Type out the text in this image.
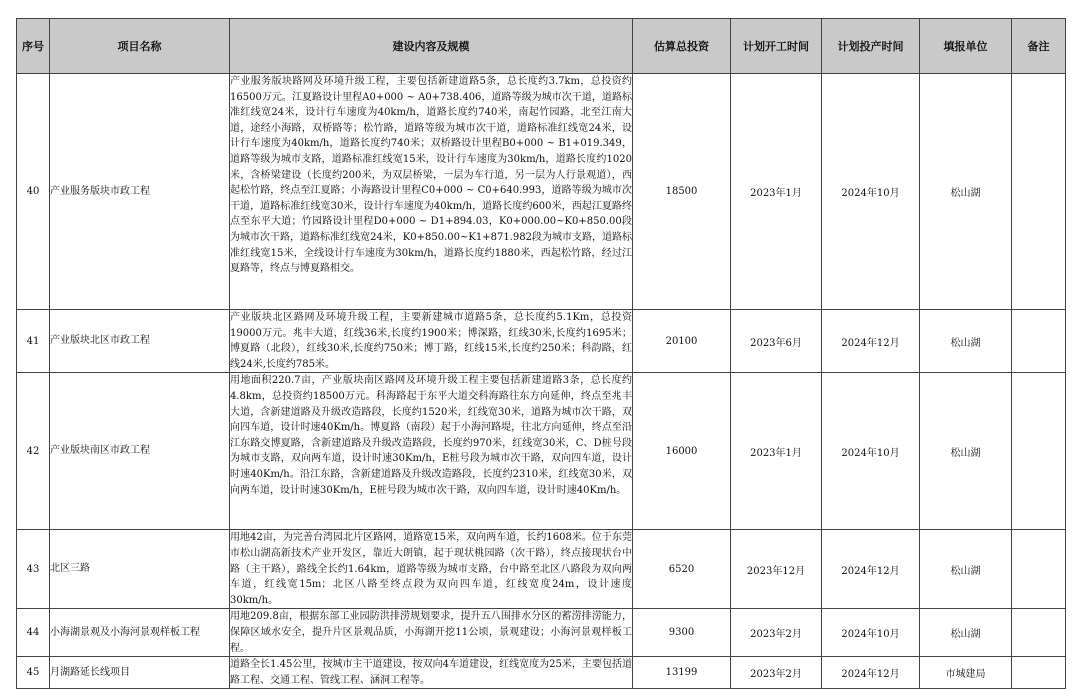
序号	项目名称	建设内容及规模	估算总投资	计划开工时间	计划投产时间	填报单位	备注
40	产业服务版块市政工程	产业服务版块路网及环境升级工程，主要包括新建道路5条，总长度约3.7km，总投资约16500万元。江夏路设计里程A0+000 ~ A0+738.406，道路等级为城市次干道，道路标准红线宽24米，设计行车速度为40km/h，道路长度约740米，南起竹园路，北至江南大道，途经小海路，双桥路等；松竹路，道路等级为城市次干道，道路标准红线宽24米，设计行车速度为40km/h，道路长度约740米；双桥路设计里程B0+000 ~ B1+019.349，道路等级为城市支路，道路标准红线宽15米，设计行车速度为30km/h，道路长度约1020米，含桥梁建设（长度约200米，为双层桥梁，一层为车行道，另一层为人行景观道），西起松竹路，终点至江夏路；小海路设计里程C0+000 ~ C0+640.993，道路等级为城市次干道，道路标准红线宽30米，设计行车速度为40km/h，道路长度约600米，西起江夏路终点至东平大道；竹园路设计里程D0+000 ~ D1+894.03，K0+000.00~K0+850.00段为城市次干路，道路标准红线宽24米，K0+850.00~K1+871.982段为城市支路，道路标准红线宽15米，全线设计行车速度为30km/h，道路长度约1880米，西起松竹路，经过江夏路等，终点与博夏路相交。	18500	2023年1月	2024年10月	松山湖	
41	产业版块北区市政工程	产业版块北区路网及环境升级工程，主要新建城市道路5条，总长度约5.1Km，总投资19000万元。兆丰大道，红线36米,长度约1900米；博深路，红线30米,长度约1695米；博夏路（北段），红线30米,长度约750米；博丁路，红线15米,长度约250米；科韵路，红线24米,长度约785米。	20100	2023年6月	2024年12月	松山湖	
42	产业版块南区市政工程	用地面积220.7亩，产业版块南区路网及环境升级工程主要包括新建道路3条，总长度约4.8km，总投资约18500万元。科海路起于东平大道交科海路往东方向延伸，终点至兆丰大道，含新建道路及升级改造路段，长度约1520米，红线宽30米，道路为城市次干路，双向四车道，设计时速40Km/h。博夏路（南段）起于小海河路堤，往北方向延伸，终点至沿江东路交博夏路，含新建道路及升级改造路段，长度约970米，红线宽30米，C、D桩号段为城市支路，双向两车道，设计时速30Km/h，E桩号段为城市次干路，双向四车道，设计时速40Km/h。沿江东路，含新建道路及升级改造路段，长度约2310米，红线宽30米，双向两车道，设计时速30Km/h，E桩号段为城市次干路，双向四车道，设计时速40Km/h。	16000	2023年1月	2024年10月	松山湖	
43	北区三路	用地42亩，为完善台湾园北片区路网，道路宽15米，双向两车道，长约1608米。位于东莞市松山湖高新技术产业开发区，靠近大朗镇，起于现状桃园路（次干路），终点接现状台中路（主干路），路线全长约1.64km，道路等级为城市支路，台中路至北区八路段为双向两车道，红线宽15m；北区八路至终点段为双向四车道，红线宽度24m，设计速度30km/h。	6520	2023年12月	2024年12月	松山湖	
44	小海湖景观及小海河景观样板工程	用地209.8亩，根据东部工业园防洪排涝规划要求，提升五八围排水分区的蓄涝排涝能力，保障区域水安全，提升片区景观品质，小海湖开挖11公顷，景观建设；小海河景观样板工程。	9300	2023年2月	2024年10月	松山湖	
45	月湖路延长线项目	道路全长1.45公里，按城市主干道建设，按双向4车道建设，红线宽度为25米，主要包括道路工程、交通工程、管线工程、涵洞工程等。	13199	2023年2月	2024年12月	市城建局	
